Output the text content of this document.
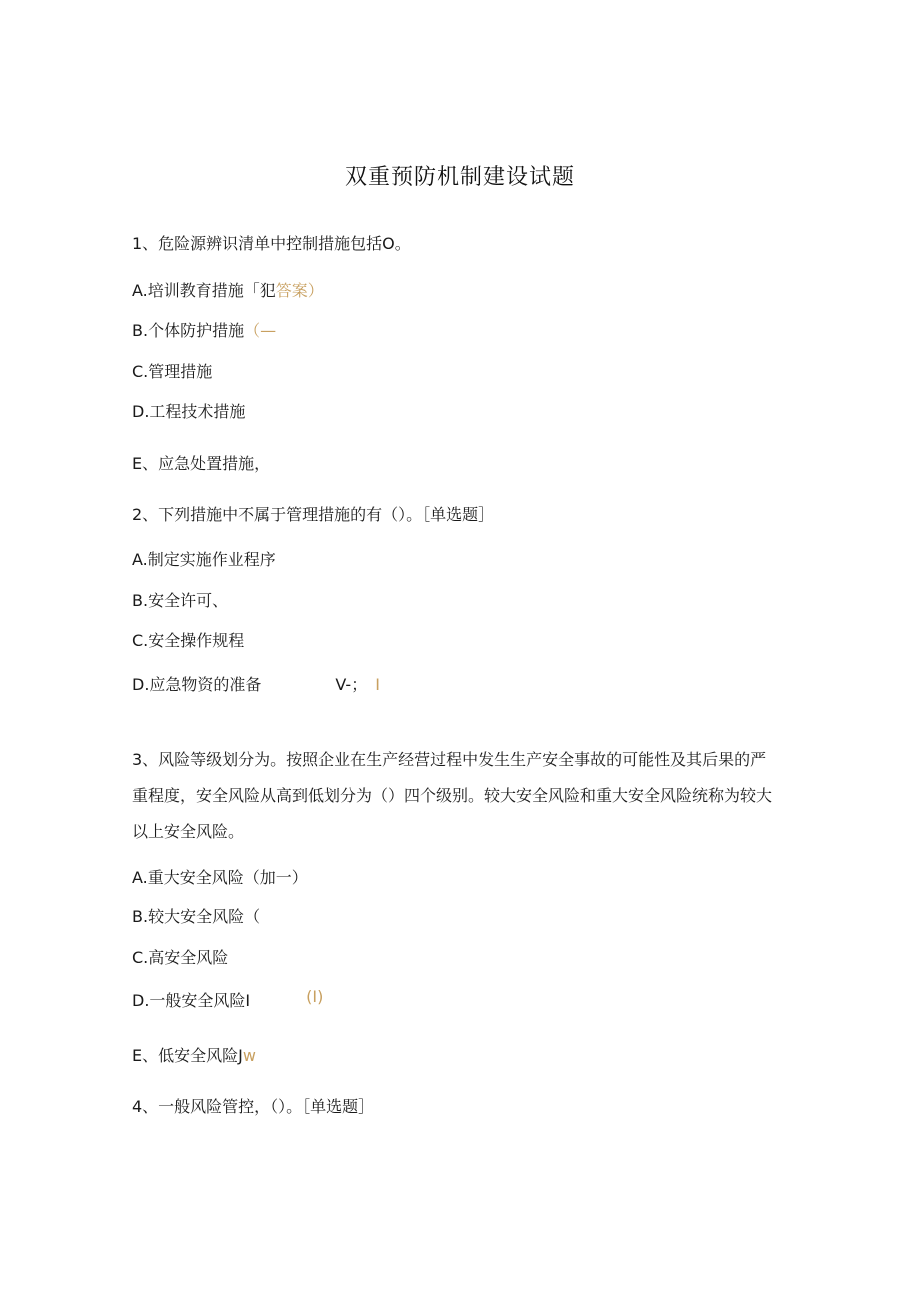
双重预防机制建设试题
1、危险源辨识清单中控制措施包括O。
A.培训教育措施「犯答案）
B.个体防护措施（—
C.管理措施
D.工程技术措施
E、应急处置措施，
2、下列措施中不属于管理措施的有（）。［单选题］
A.制定实施作业程序
B.安全许可、
C.安全操作规程
D.应急物资的准备	V-； I
3、风险等级划分为。按照企业在生产经营过程中发生生产安全事故的可能性及其后果的严重程度，安全风险从高到低划分为（）四个级别。较大安全风险和重大安全风险统称为较大以上安全风险。
A.重大安全风险（加一）
B.较大安全风险（
C.高安全风险
D.一般安全风险I	(I)
E、低安全风险Jw
4、一般风险管控，（）。［单选题］
